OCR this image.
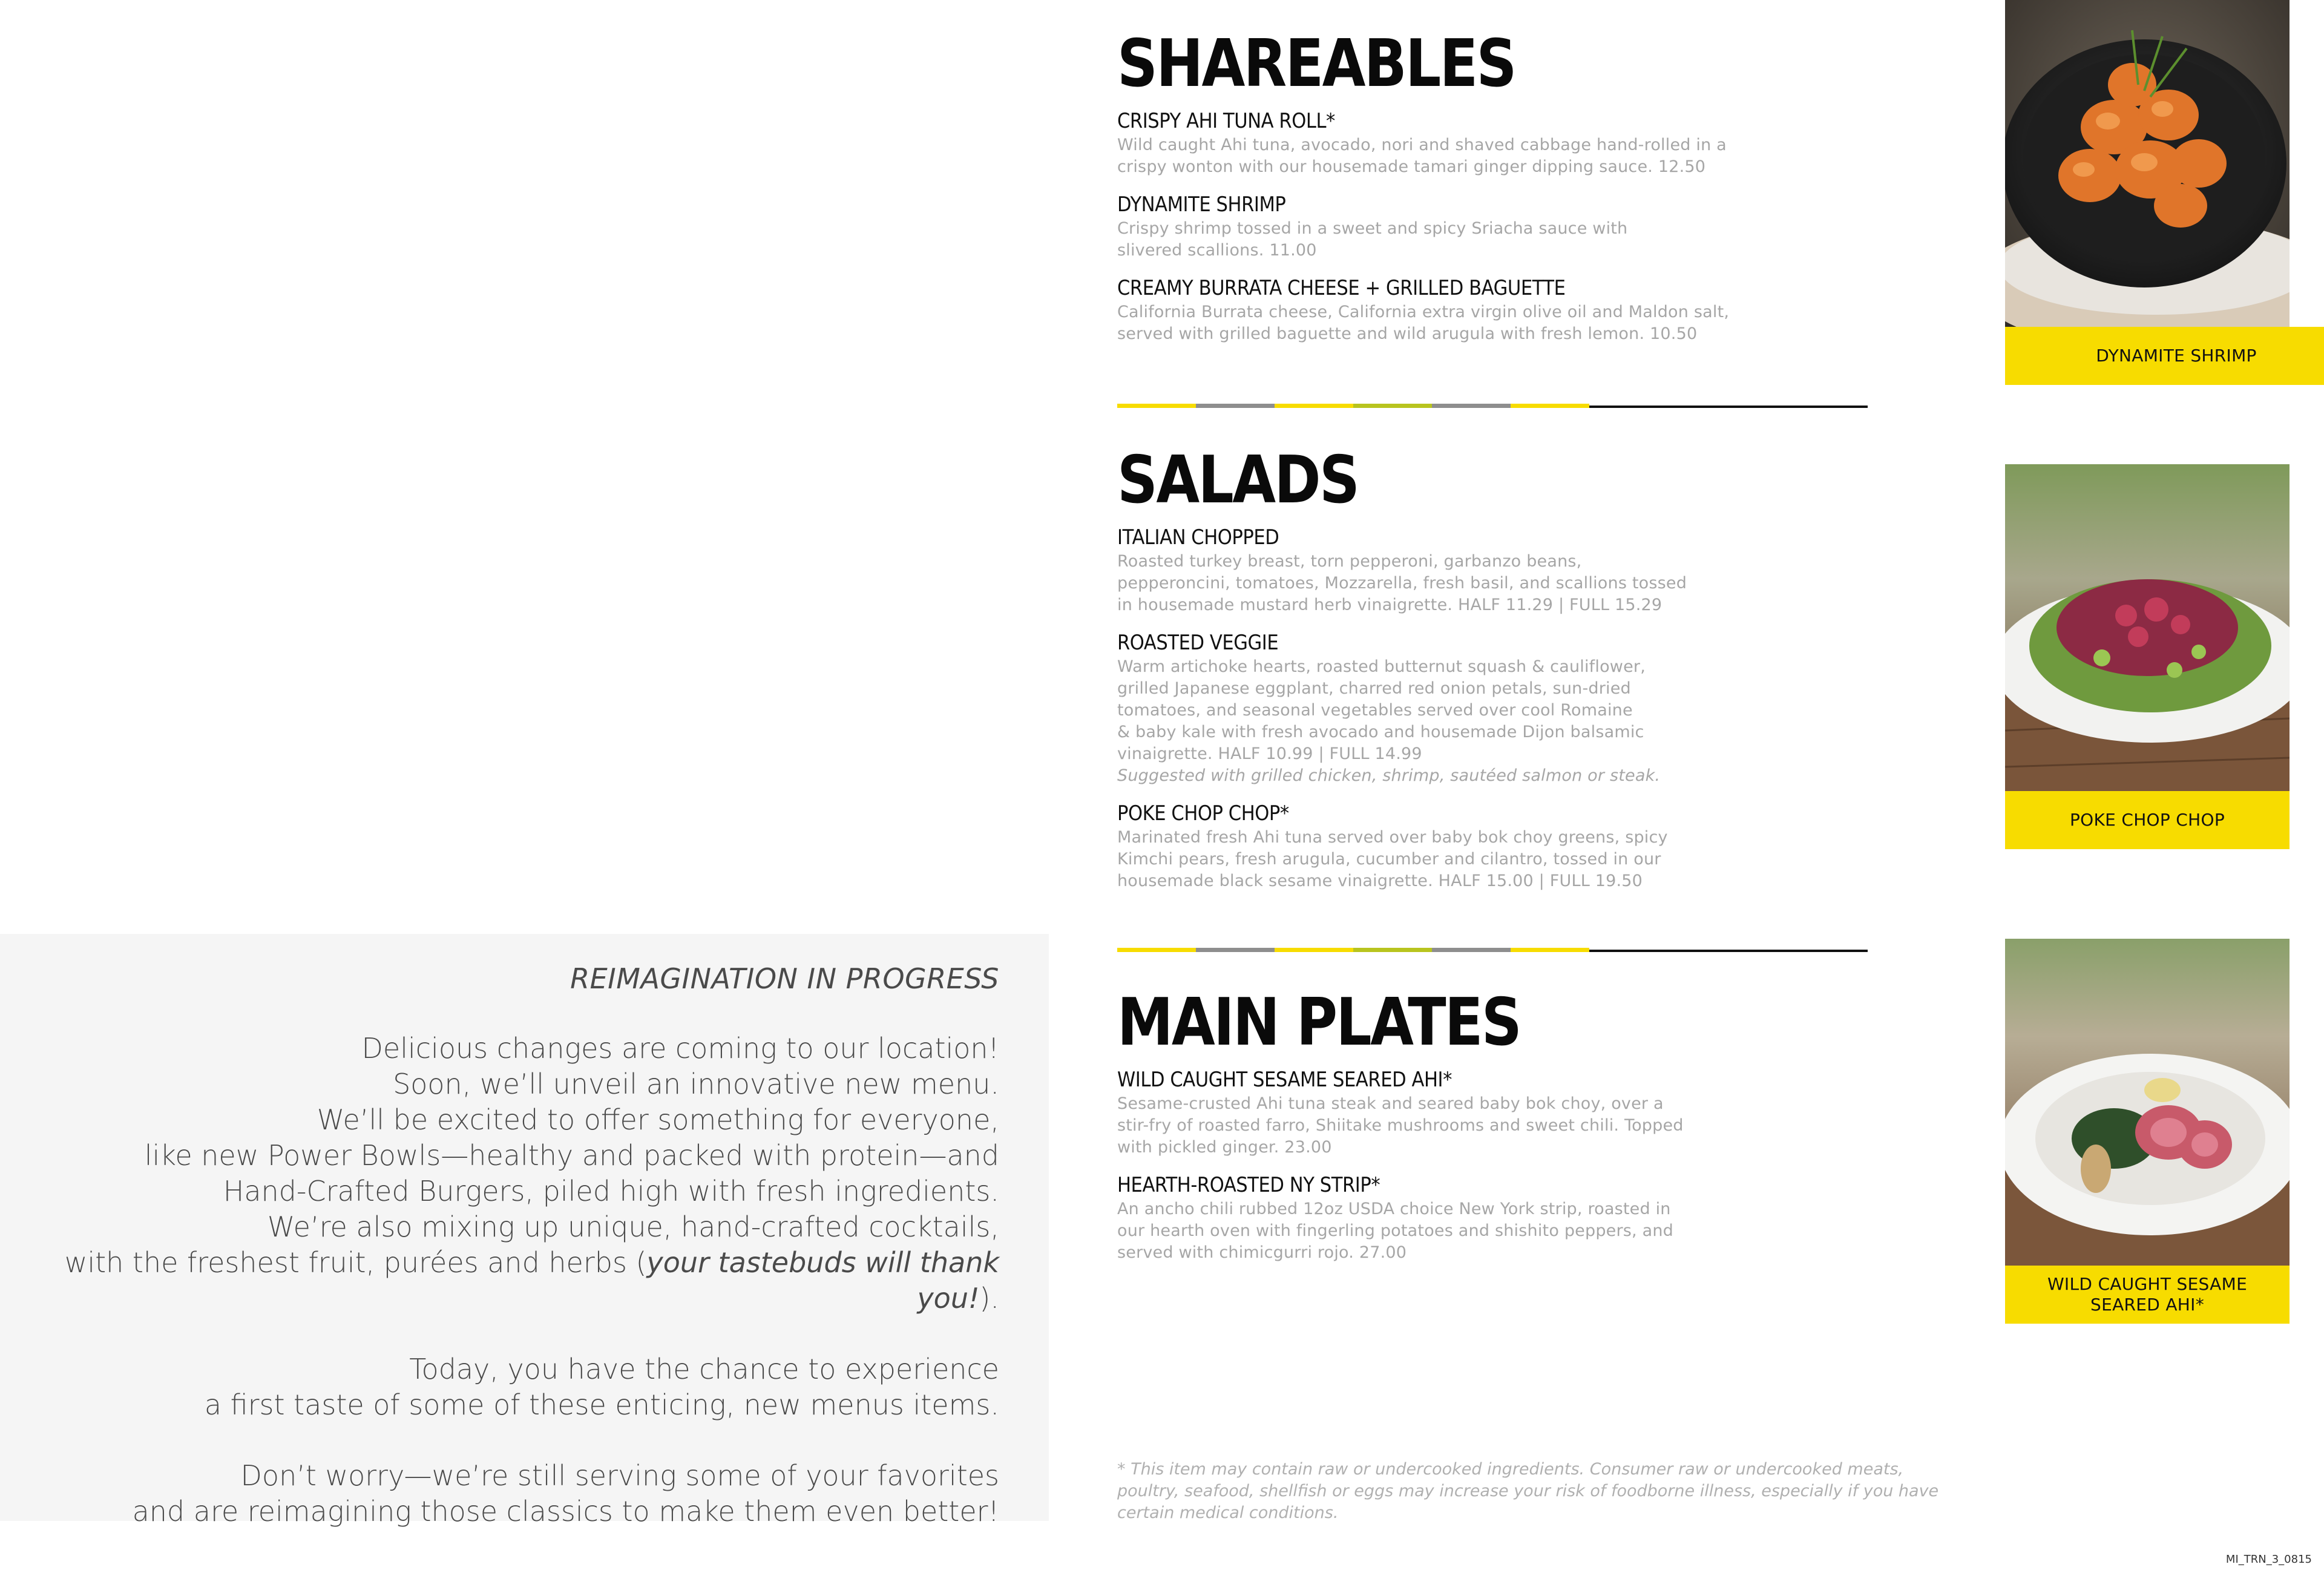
REIMAGINATION IN PROGRESS
Delicious changes are coming to our location!
Soon, we’ll unveil an innovative new menu.
We’ll be excited to offer something for everyone,
like new Power Bowls—healthy and packed with protein—and
Hand-Crafted Burgers, piled high with fresh ingredients.
We’re also mixing up unique, hand-crafted cocktails,
with the freshest fruit, purées and herbs (your tastebuds will thank you!).
Today, you have the chance to experience
a first taste of some of these enticing, new menus items.
Don’t worry—we’re still serving some of your favorites
and are reimagining those classics to make them even better!
SHAREABLES
CRISPY AHI TUNA ROLL*
Wild caught Ahi tuna, avocado, nori and shaved cabbage hand-rolled in a
crispy wonton with our housemade tamari ginger dipping sauce. 12.50
DYNAMITE SHRIMP
Crispy shrimp tossed in a sweet and spicy Sriacha sauce with
slivered scallions. 11.00
CREAMY BURRATA CHEESE + GRILLED BAGUETTE
California Burrata cheese, California extra virgin olive oil and Maldon salt,
served with grilled baguette and wild arugula with fresh lemon. 10.50
SALADS
ITALIAN CHOPPED
Roasted turkey breast, torn pepperoni, garbanzo beans,
pepperoncini, tomatoes, Mozzarella, fresh basil, and scallions tossed
in housemade mustard herb vinaigrette. HALF 11.29 | FULL 15.29
ROASTED VEGGIE
Warm artichoke hearts, roasted butternut squash & cauliflower,
grilled Japanese eggplant, charred red onion petals, sun-dried
tomatoes, and seasonal vegetables served over cool Romaine
& baby kale with fresh avocado and housemade Dijon balsamic
vinaigrette. HALF 10.99 | FULL 14.99
Suggested with grilled chicken, shrimp, sautéed salmon or steak.
POKE CHOP CHOP*
Marinated fresh Ahi tuna served over baby bok choy greens, spicy
Kimchi pears, fresh arugula, cucumber and cilantro, tossed in our
housemade black sesame vinaigrette. HALF 15.00 | FULL 19.50
MAIN PLATES
WILD CAUGHT SESAME SEARED AHI*
Sesame-crusted Ahi tuna steak and seared baby bok choy, over a
stir-fry of roasted farro, Shiitake mushrooms and sweet chili. Topped
with pickled ginger. 23.00
HEARTH-ROASTED NY STRIP*
An ancho chili rubbed 12oz USDA choice New York strip, roasted in
our hearth oven with fingerling potatoes and shishito peppers, and
served with chimicgurri rojo. 27.00
* This item may contain raw or undercooked ingredients. Consumer raw or undercooked meats,
poultry, seafood, shellfish or eggs may increase your risk of foodborne illness, especially if you have
certain medical conditions.
DYNAMITE SHRIMP
POKE CHOP CHOP
WILD CAUGHT SESAME
SEARED AHI*
MI_TRN_3_0815
